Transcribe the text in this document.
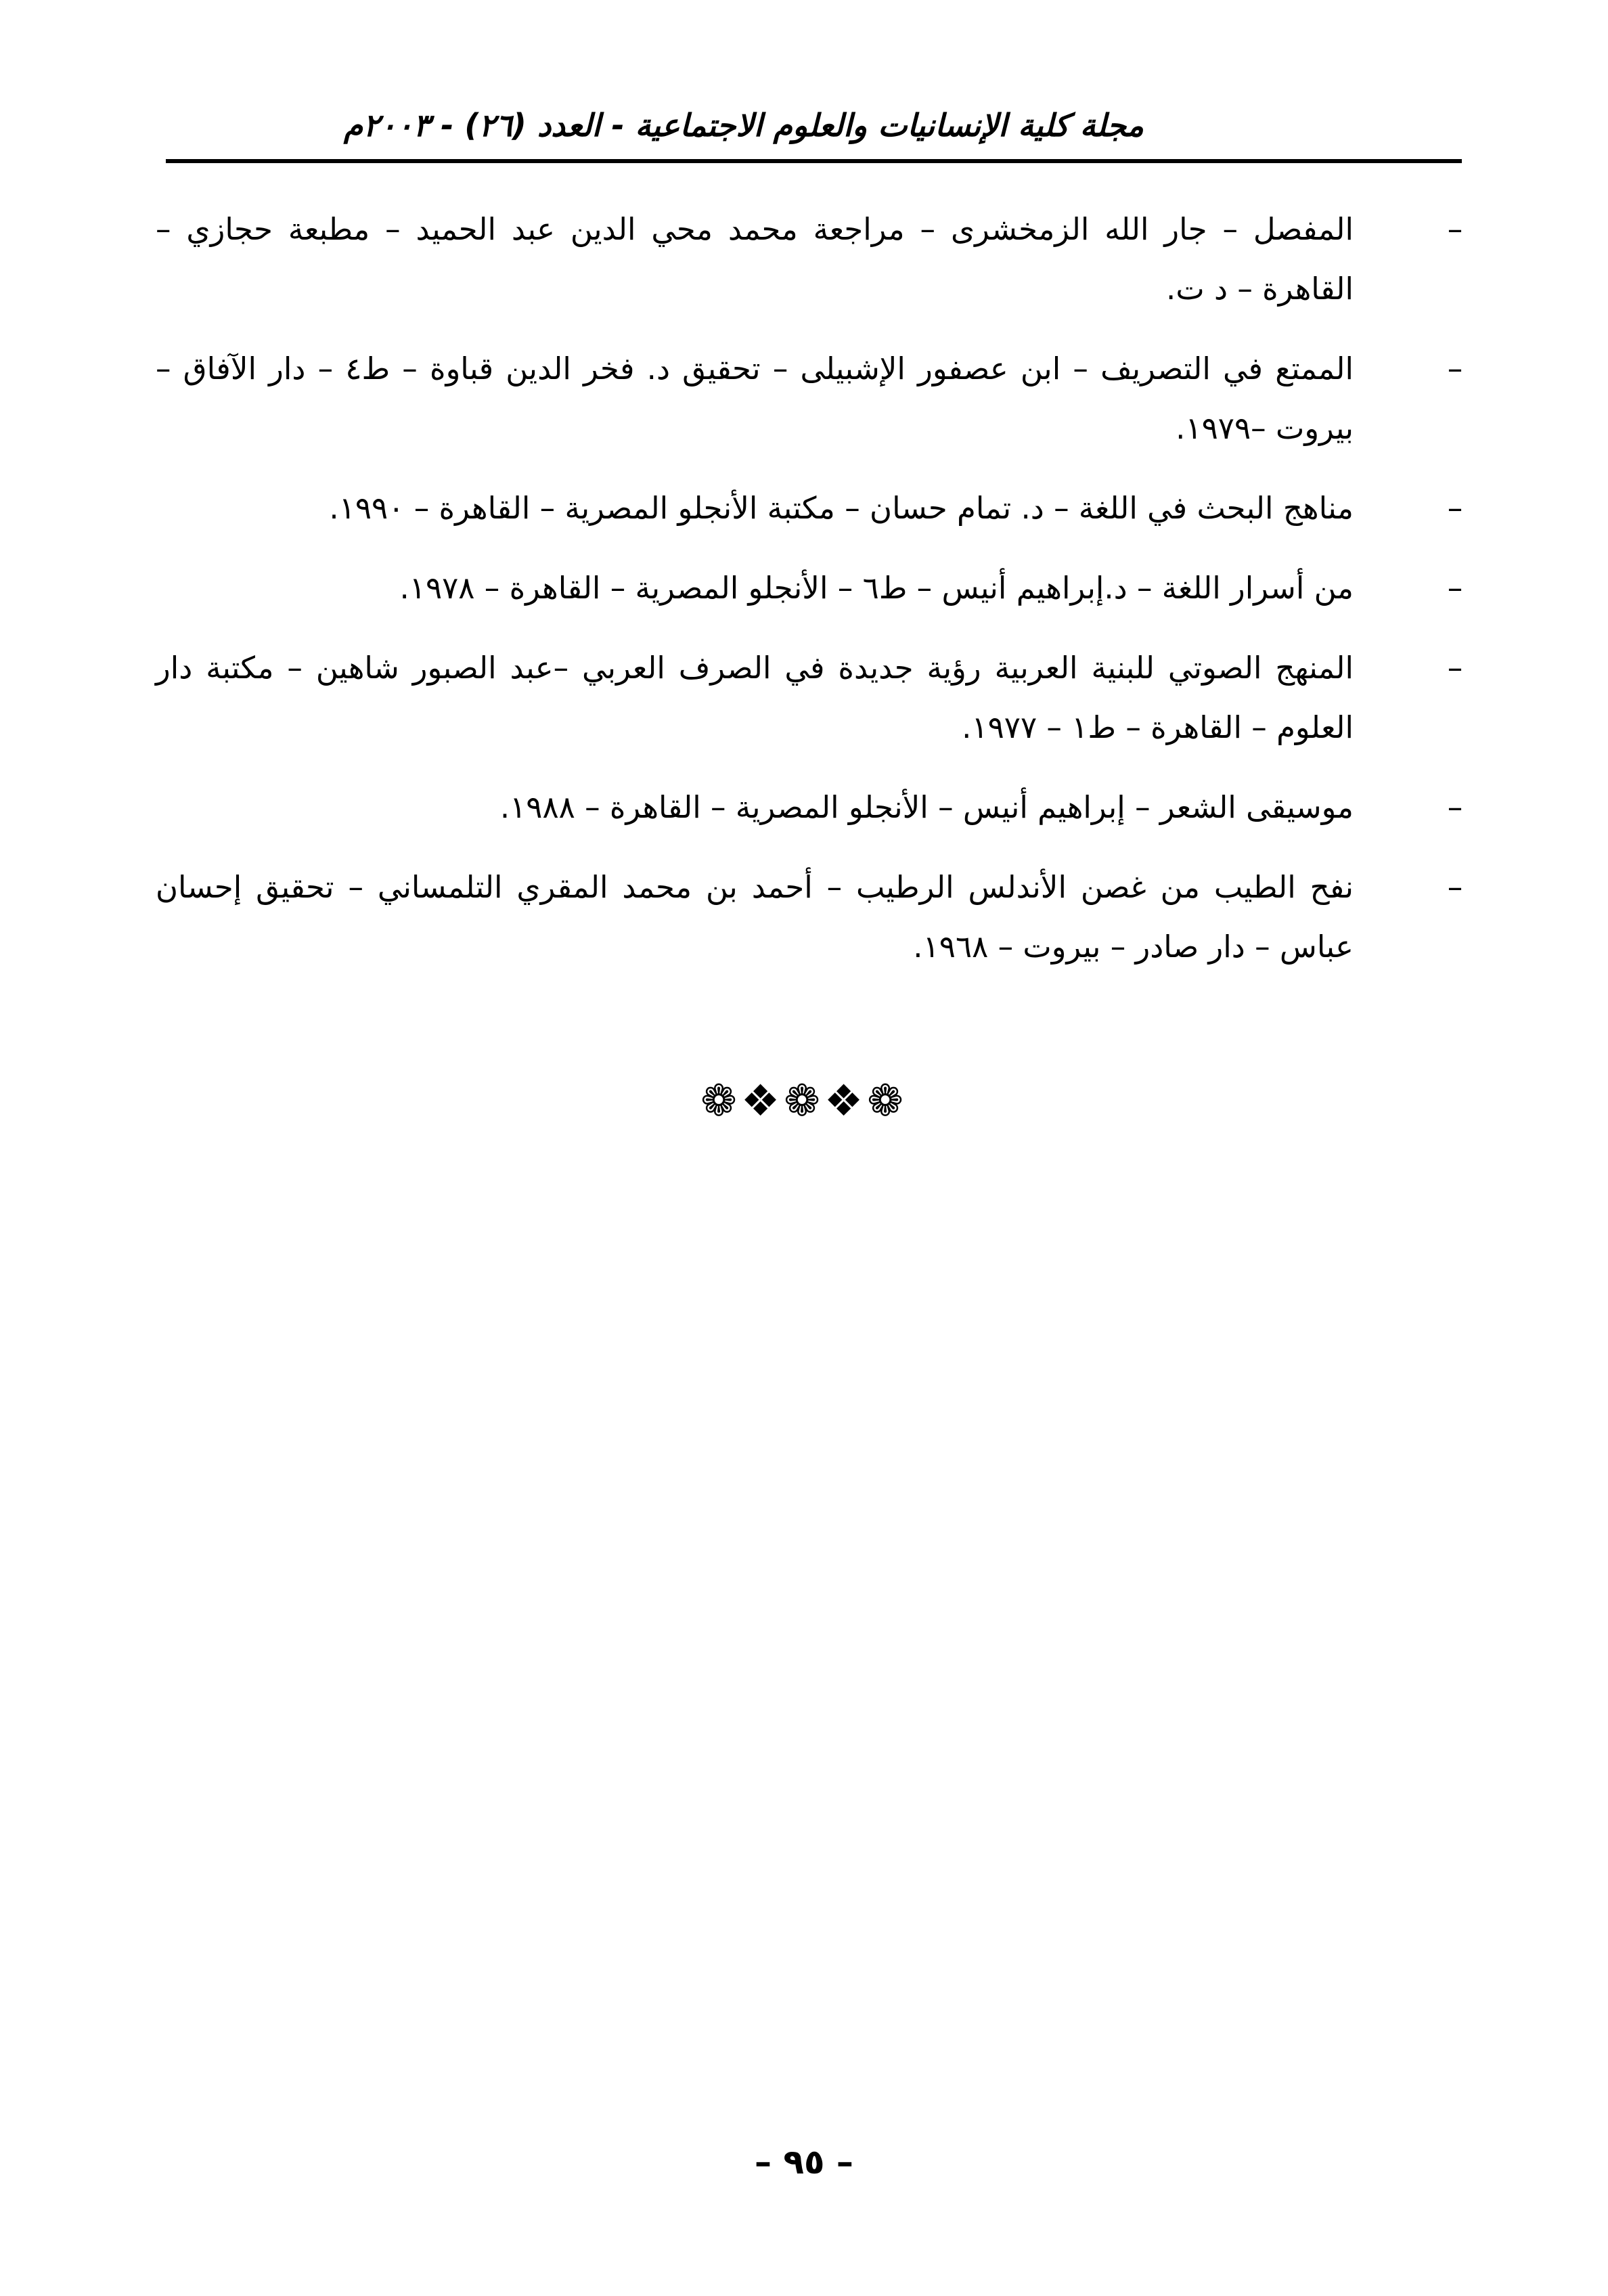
مجلة كلية الإنسانيات والعلوم الاجتماعية - العدد (٢٦) - ٢٠٠٣م
–
المفصل – جار الله الزمخشرى – مراجعة محمد محي الدين عبد الحميد – مطبعة حجازي – القاهرة – د ت.
–
الممتع في التصريف – ابن عصفور الإشبيلى – تحقيق د. فخر الدين قباوة – ط٤ – دار الآفاق – بيروت –١٩٧٩.
–
مناهج البحث في اللغة – د. تمام حسان – مكتبة الأنجلو المصرية – القاهرة – ١٩٩٠.
–
من أسرار اللغة – د.إبراهيم أنيس – ط٦ – الأنجلو المصرية – القاهرة – ١٩٧٨.
–
المنهج الصوتي للبنية العربية رؤية جديدة في الصرف العربي –عبد الصبور شاهين – مكتبة دار العلوم – القاهرة – ط١ – ١٩٧٧.
–
موسيقى الشعر – إبراهيم أنيس – الأنجلو المصرية – القاهرة – ١٩٨٨.
–
نفح الطيب من غصن الأندلس الرطيب – أحمد بن محمد المقري التلمساني – تحقيق إحسان عباس – دار صادر – بيروت – ١٩٦٨.
❁❖❁❖❁
– ٩٥ –
